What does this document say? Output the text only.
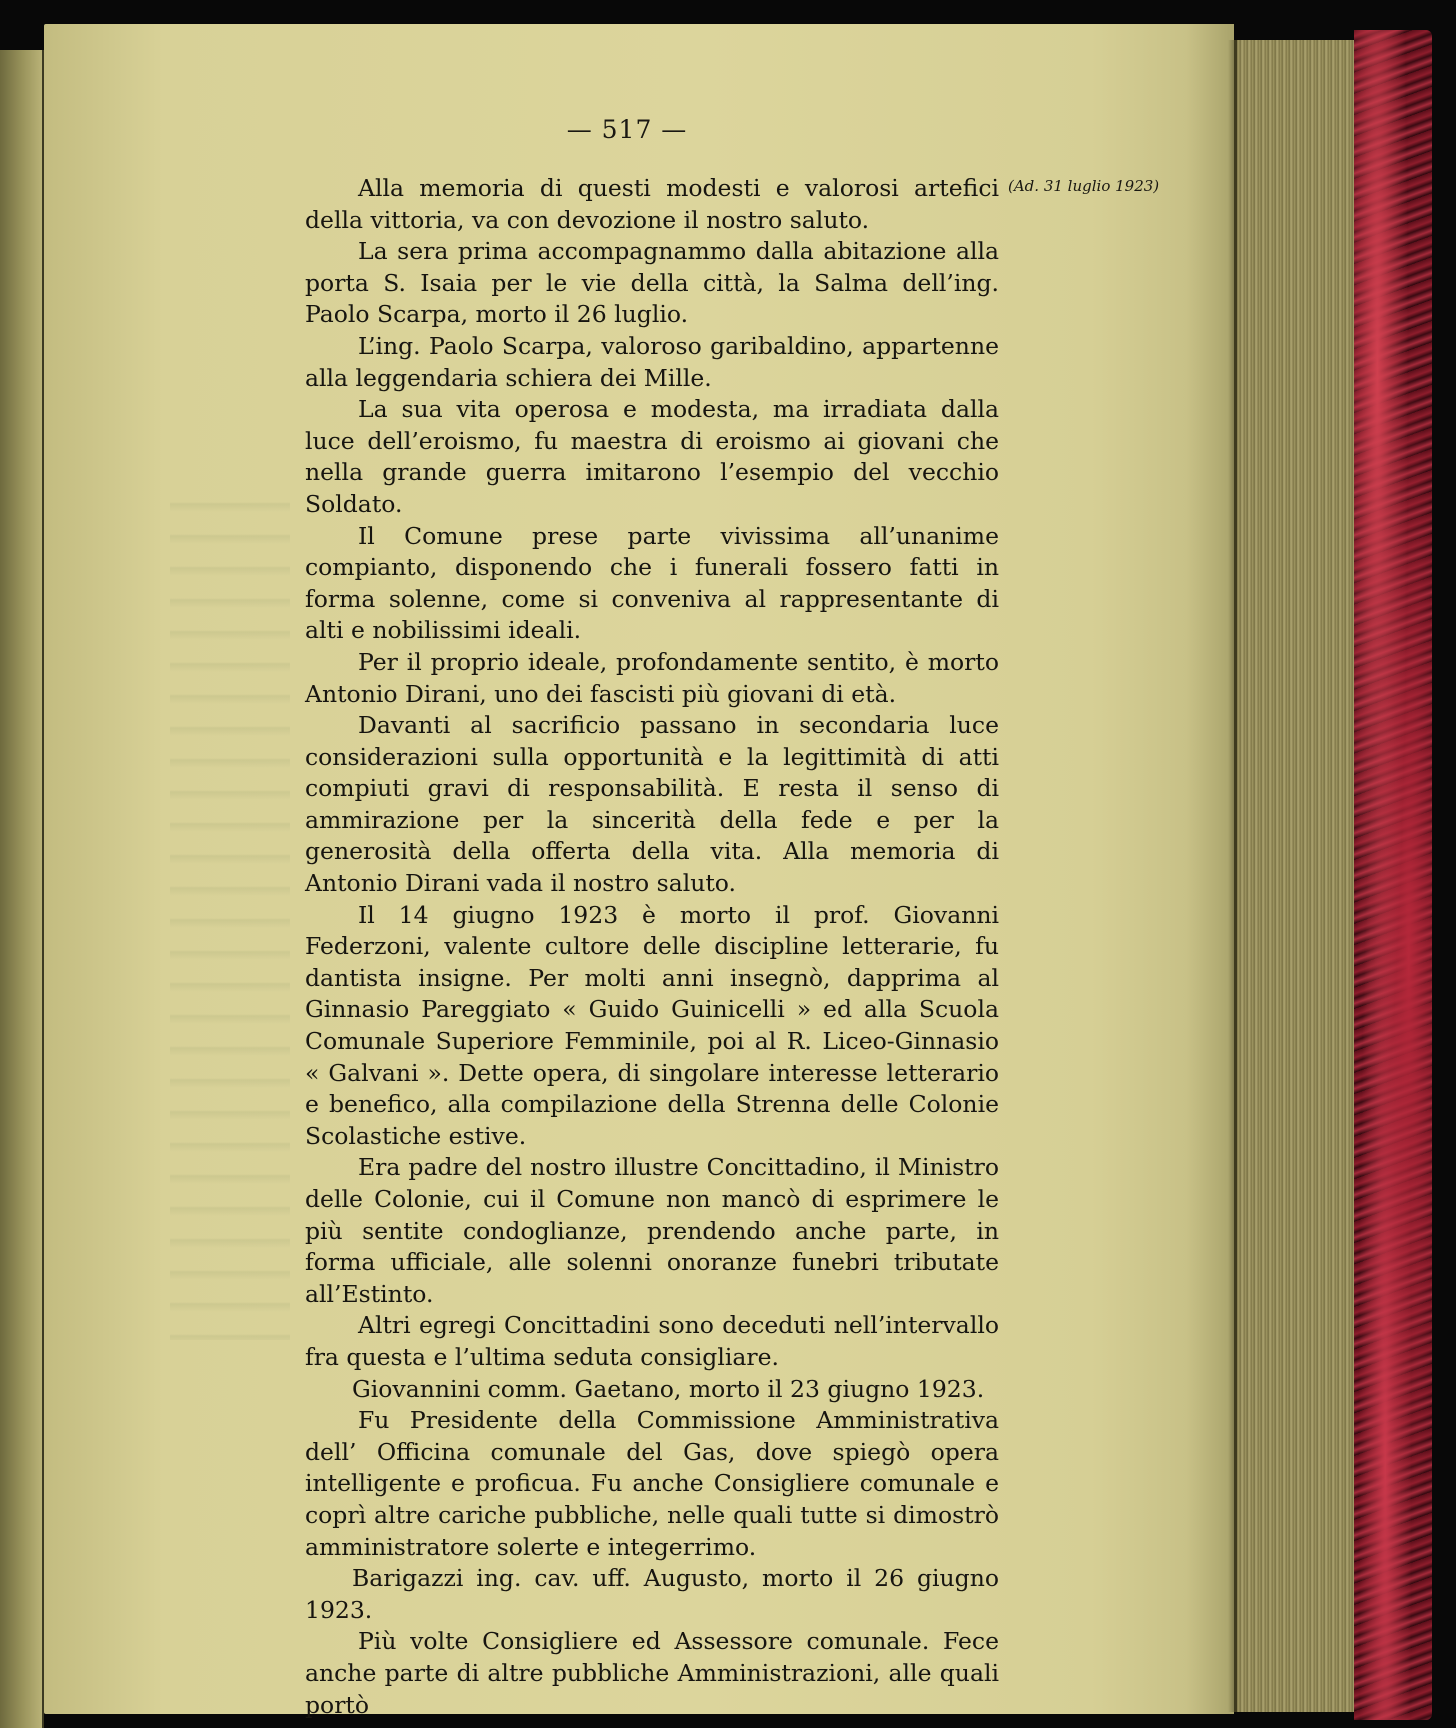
— 517 —
(Ad. 31 luglio 1923)

Alla memoria di questi modesti e valorosi artefici della vittoria, va con devozione il nostro saluto.

La sera prima accompagnammo dalla abitazione alla porta S. Isaia per le vie della città, la Salma dell’ing. Paolo Scarpa, morto il 26 luglio.

L’ing. Paolo Scarpa, valoroso garibaldino, appartenne alla leggendaria schiera dei Mille.

La sua vita operosa e modesta, ma irradiata dalla luce dell’eroismo, fu maestra di eroismo ai giovani che nella grande guerra imitarono l’esempio del vecchio Soldato.

Il Comune prese parte vivissima all’unanime compianto, disponendo che i funerali fossero fatti in forma solenne, come si conveniva al rappresentante di alti e nobilissimi ideali.

Per il proprio ideale, profondamente sentito, è morto Antonio Dirani, uno dei fascisti più giovani di età.

Davanti al sacrificio passano in secondaria luce considerazioni sulla opportunità e la legittimità di atti compiuti gravi di responsabilità. E resta il senso di ammirazione per la sincerità della fede e per la generosità della offerta della vita. Alla memoria di Antonio Dirani vada il nostro saluto.

Il 14 giugno 1923 è morto il prof. Giovanni Federzoni, valente cultore delle discipline letterarie, fu dantista insigne. Per molti anni insegnò, dapprima al Ginnasio Pareggiato « Guido Guinicelli » ed alla Scuola Comunale Superiore Femminile, poi al R. Liceo-Ginnasio « Galvani ». Dette opera, di singolare interesse letterario e benefico, alla compilazione della Strenna delle Colonie Scolastiche estive.

Era padre del nostro illustre Concittadino, il Ministro delle Colonie, cui il Comune non mancò di esprimere le più sentite condoglianze, prendendo anche parte, in forma ufficiale, alle solenni onoranze funebri tributate all’Estinto.

Altri egregi Concittadini sono deceduti nell’intervallo fra questa e l’ultima seduta consigliare.

Giovannini comm. Gaetano, morto il 23 giugno 1923.

Fu Presidente della Commissione Amministrativa dell’ Officina comunale del Gas, dove spiegò opera intelligente e proficua. Fu anche Consigliere comunale e coprì altre cariche pubbliche, nelle quali tutte si dimostrò amministratore solerte e integerrimo.

Barigazzi ing. cav. uff. Augusto, morto il 26 giugno 1923.

Più volte Consigliere ed Assessore comunale. Fece anche parte di altre pubbliche Amministrazioni, alle quali portò
